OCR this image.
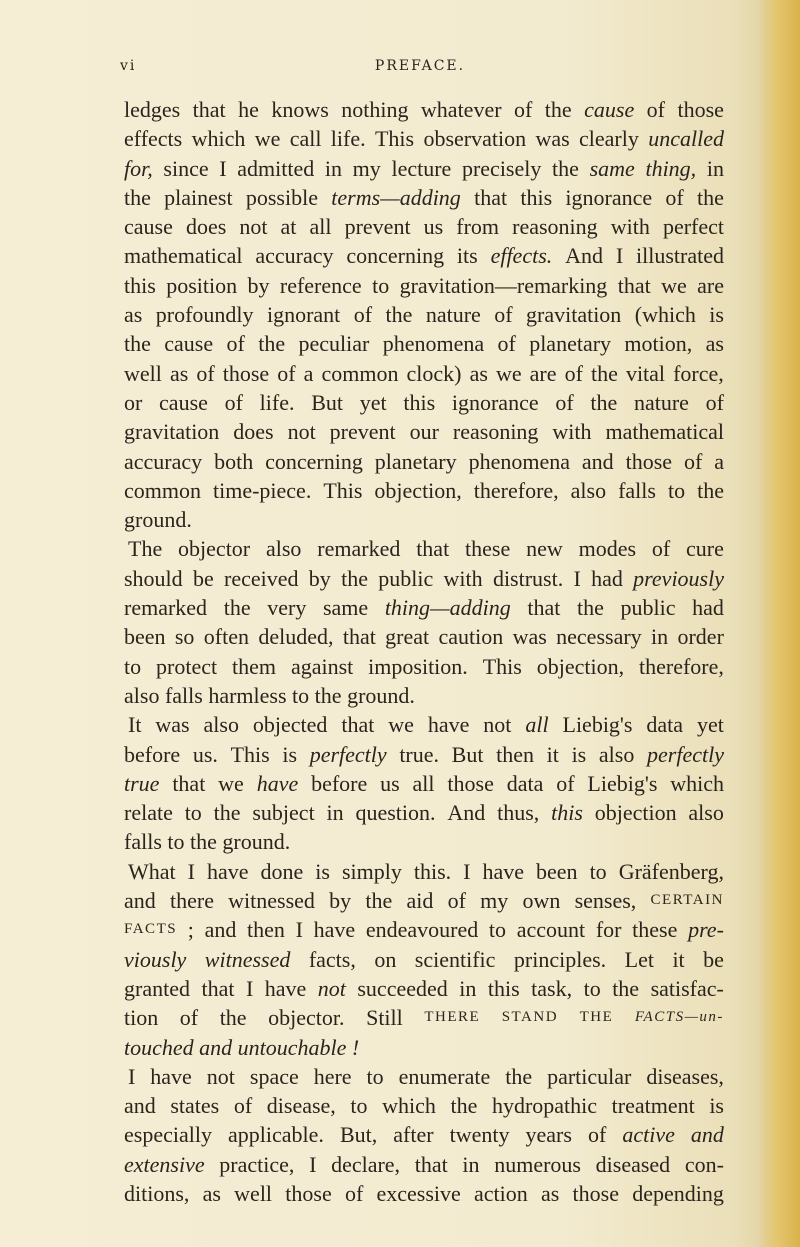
vi	PREFACE.
ledges that he knows nothing whatever of the cause of those
effects which we call life. This observation was clearly uncalled
for, since I admitted in my lecture precisely the same thing, in
the plainest possible terms—adding that this ignorance of the
cause does not at all prevent us from reasoning with perfect
mathematical accuracy concerning its effects. And I illustrated
this position by reference to gravitation—remarking that we are
as profoundly ignorant of the nature of gravitation (which is
the cause of the peculiar phenomena of planetary motion, as
well as of those of a common clock) as we are of the vital force,
or cause of life. But yet this ignorance of the nature of
gravitation does not prevent our reasoning with mathematical
accuracy both concerning planetary phenomena and those of a
common time-piece. This objection, therefore, also falls to the
ground.
The objector also remarked that these new modes of cure
should be received by the public with distrust. I had previously
remarked the very same thing—adding that the public had
been so often deluded, that great caution was necessary in order
to protect them against imposition. This objection, therefore,
also falls harmless to the ground.
It was also objected that we have not all Liebig's data yet
before us. This is perfectly true. But then it is also perfectly
true that we have before us all those data of Liebig's which
relate to the subject in question. And thus, this objection also
falls to the ground.
What I have done is simply this. I have been to Gräfenberg,
and there witnessed by the aid of my own senses, CERTAIN
FACTS ; and then I have endeavoured to account for these pre-
viously witnessed facts, on scientific principles. Let it be
granted that I have not succeeded in this task, to the satisfac-
tion of the objector. Still THERE STAND THE FACTS—un-
touched and untouchable !
I have not space here to enumerate the particular diseases,
and states of disease, to which the hydropathic treatment is
especially applicable. But, after twenty years of active and
extensive practice, I declare, that in numerous diseased con-
ditions, as well those of excessive action as those depending
